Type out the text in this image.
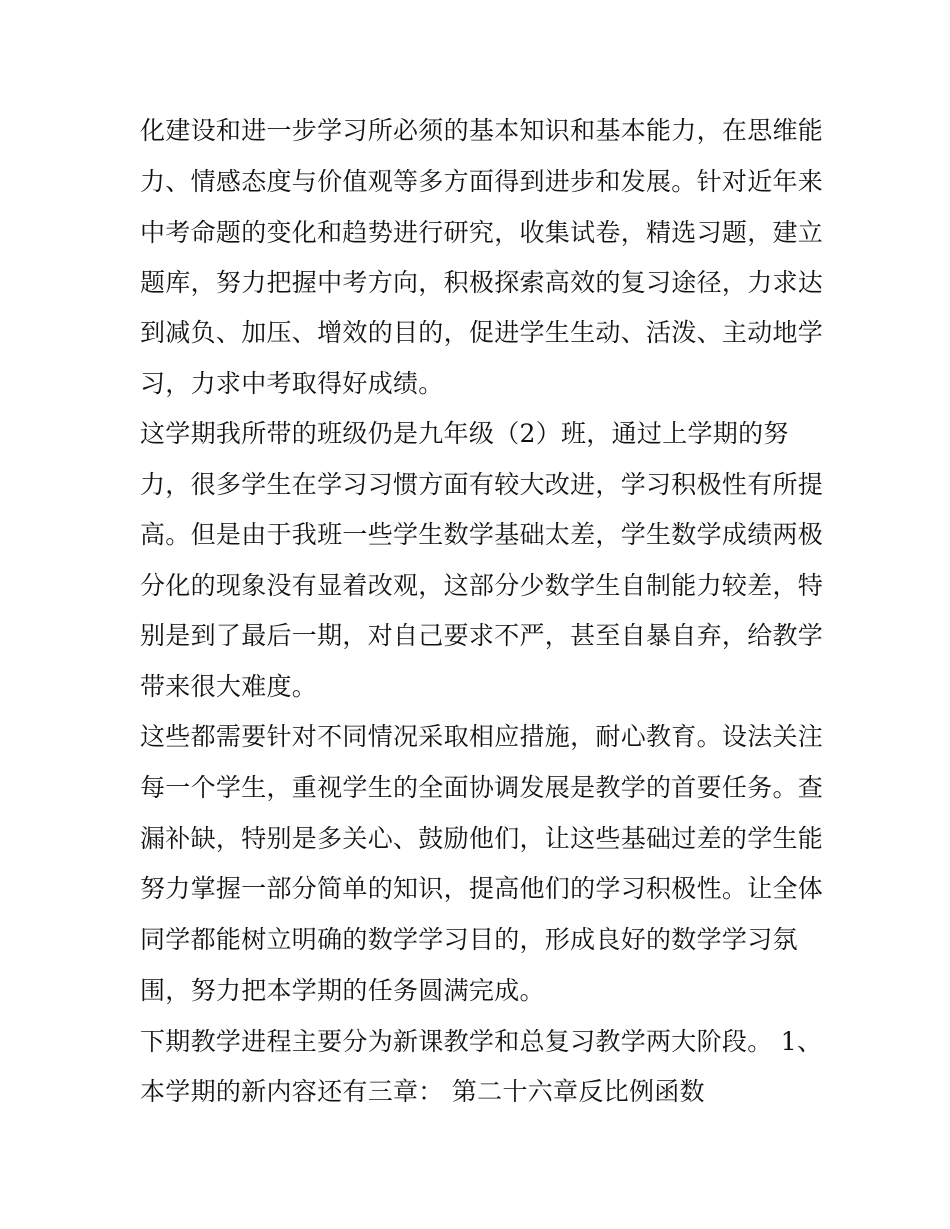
化建设和进一步学习所必须的基本知识和基本能力，在思维能
力、情感态度与价值观等多方面得到进步和发展。针对近年来
中考命题的变化和趋势进行研究，收集试卷，精选习题，建立
题库，努力把握中考方向，积极探索高效的复习途径，力求达
到减负、加压、增效的目的，促进学生生动、活泼、主动地学
习，力求中考取得好成绩。
这学期我所带的班级仍是九年级（2）班，通过上学期的努
力，很多学生在学习习惯方面有较大改进，学习积极性有所提
高。但是由于我班一些学生数学基础太差，学生数学成绩两极
分化的现象没有显着改观，这部分少数学生自制能力较差，特
别是到了最后一期，对自己要求不严，甚至自暴自弃，给教学
带来很大难度。
这些都需要针对不同情况采取相应措施，耐心教育。设法关注
每一个学生，重视学生的全面协调发展是教学的首要任务。查
漏补缺，特别是多关心、鼓励他们，让这些基础过差的学生能
努力掌握一部分简单的知识，提高他们的学习积极性。让全体
同学都能树立明确的数学学习目的，形成良好的数学学习氛
围，努力把本学期的任务圆满完成。
下期教学进程主要分为新课教学和总复习教学两大阶段。 1、
本学期的新内容还有三章： 第二十六章反比例函数
